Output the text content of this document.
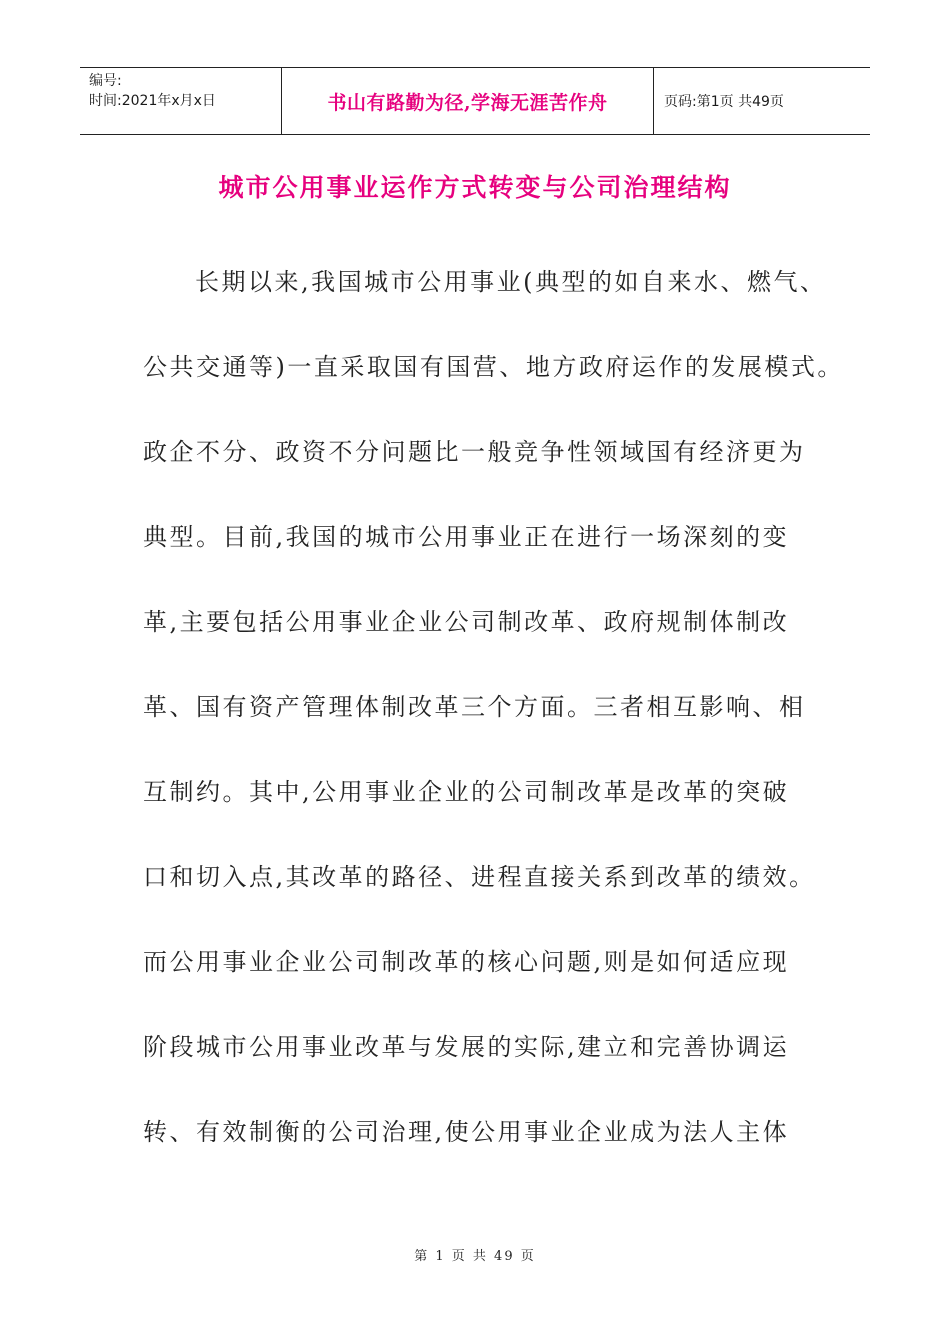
编号:
时间:2021年x月x日	书山有路勤为径,学海无涯苦作舟	页码:第1页 共49页
城市公用事业运作方式转变与公司治理结构
长期以来,我国城市公用事业(典型的如自来水、燃气、
公共交通等)一直采取国有国营、地方政府运作的发展模式。
政企不分、政资不分问题比一般竞争性领域国有经济更为
典型。目前,我国的城市公用事业正在进行一场深刻的变
革,主要包括公用事业企业公司制改革、政府规制体制改
革、国有资产管理体制改革三个方面。三者相互影响、相
互制约。其中,公用事业企业的公司制改革是改革的突破
口和切入点,其改革的路径、进程直接关系到改革的绩效。
而公用事业企业公司制改革的核心问题,则是如何适应现
阶段城市公用事业改革与发展的实际,建立和完善协调运
转、有效制衡的公司治理,使公用事业企业成为法人主体
第 1 页 共 49 页
